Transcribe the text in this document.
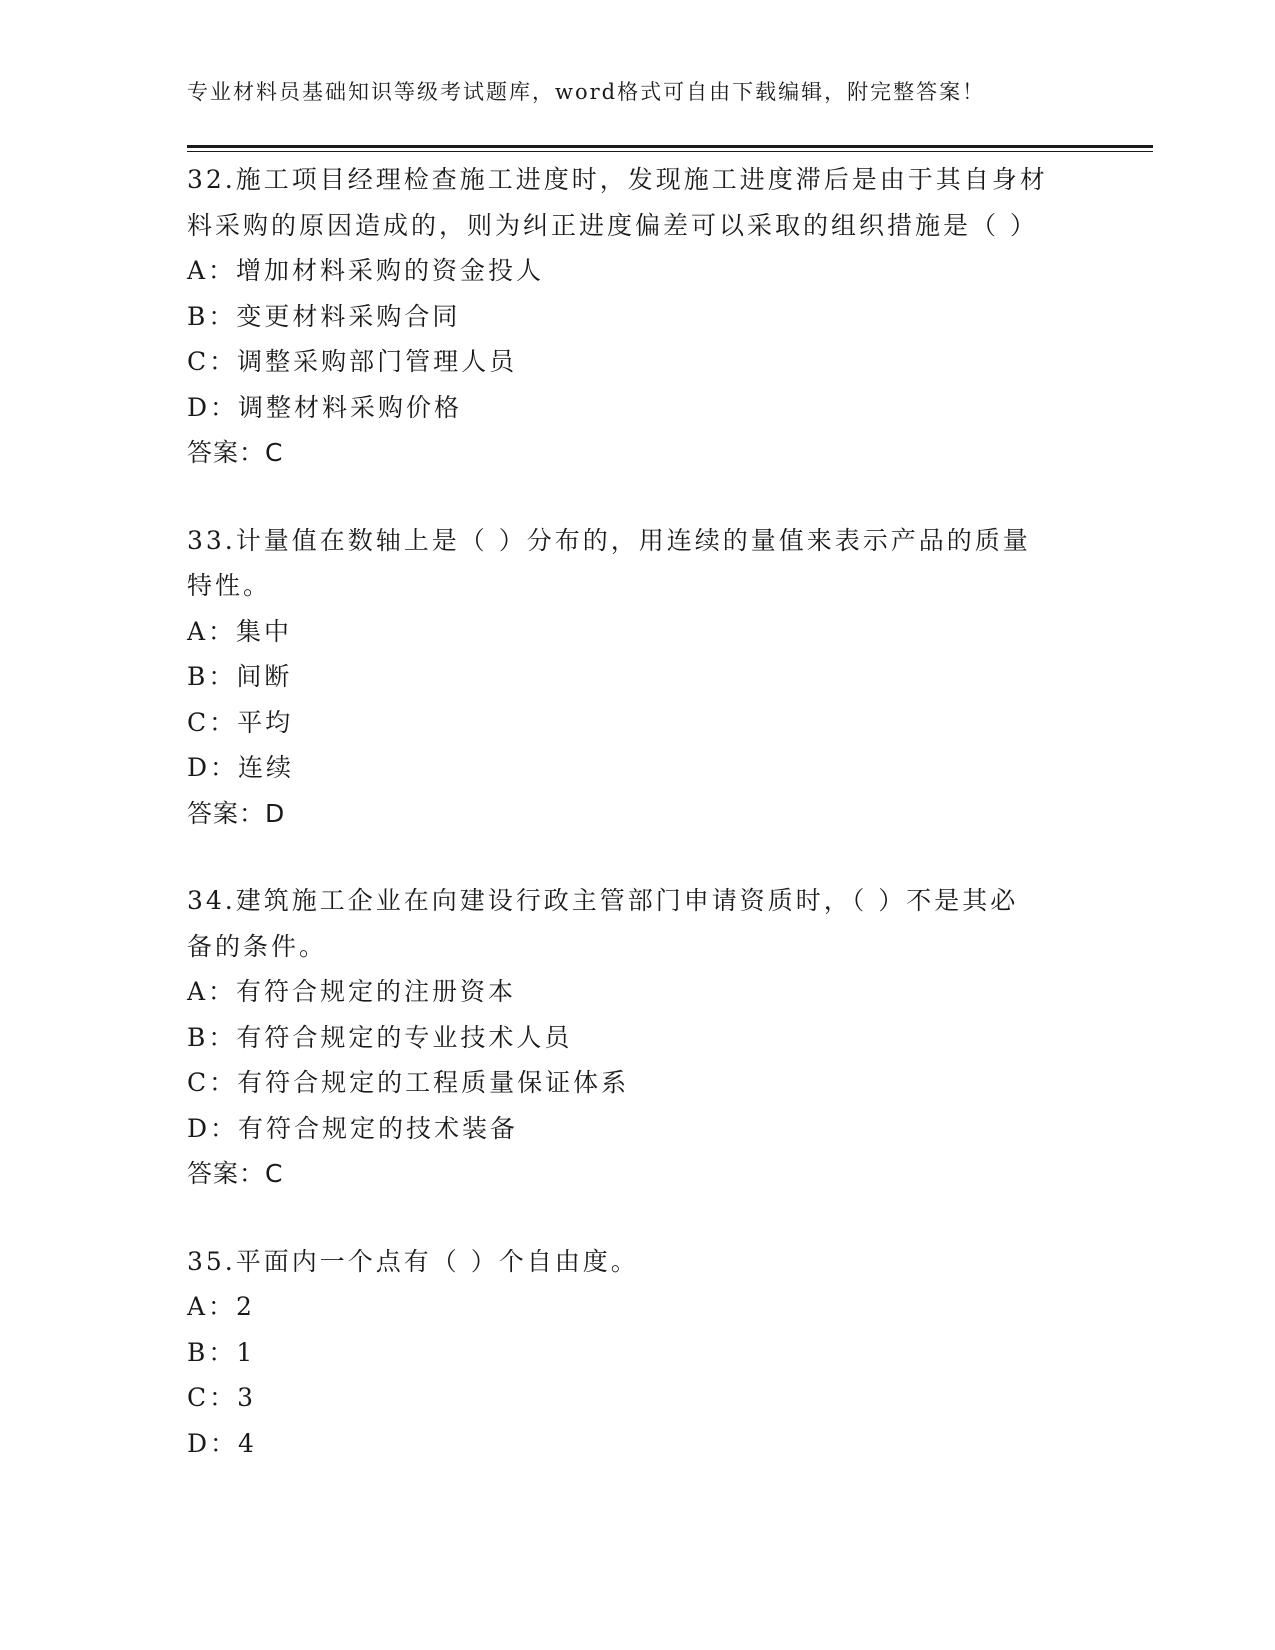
专业材料员基础知识等级考试题库，word格式可自由下载编辑，附完整答案！
32.施工项目经理检查施工进度时，发现施工进度滞后是由于其自身材
料采购的原因造成的，则为纠正进度偏差可以采取的组织措施是（ ）
A：增加材料采购的资金投人
B：变更材料采购合同
C：调整采购部门管理人员
D：调整材料采购价格
答案：C
33.计量值在数轴上是（ ）分布的，用连续的量值来表示产品的质量
特性。
A：集中
B：间断
C：平均
D：连续
答案：D
34.建筑施工企业在向建设行政主管部门申请资质时，（ ）不是其必
备的条件。
A：有符合规定的注册资本
B：有符合规定的专业技术人员
C：有符合规定的工程质量保证体系
D：有符合规定的技术装备
答案：C
35.平面内一个点有（ ）个自由度。
A：2
B：1
C：3
D：4
